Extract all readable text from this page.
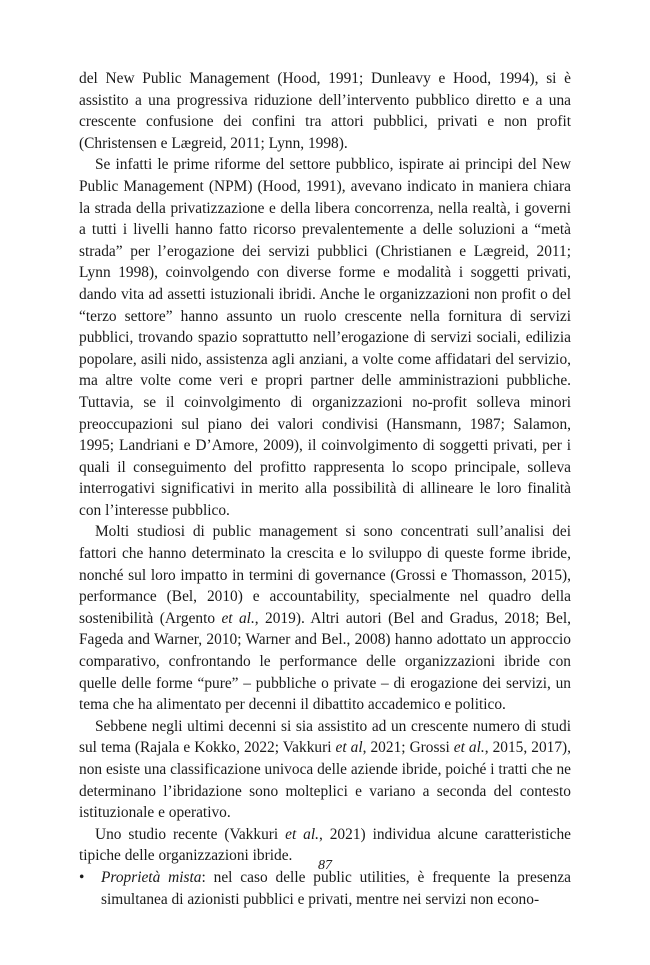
del New Public Management (Hood, 1991; Dunleavy e Hood, 1994), si è assistito a una progressiva riduzione dell’intervento pubblico diretto e a una crescente confusione dei confini tra attori pubblici, privati e non profit (Christensen e Lægreid, 2011; Lynn, 1998).

Se infatti le prime riforme del settore pubblico, ispirate ai principi del New Public Management (NPM) (Hood, 1991), avevano indicato in maniera chiara la strada della privatizzazione e della libera concorrenza, nella realtà, i governi a tutti i livelli hanno fatto ricorso prevalentemente a delle soluzioni a “metà strada” per l’erogazione dei servizi pubblici (Christianen e Lægreid, 2011; Lynn 1998), coinvolgendo con diverse forme e modalità i soggetti privati, dando vita ad assetti istuzionali ibridi. Anche le organizzazioni non profit o del “terzo settore” hanno assunto un ruolo crescente nella fornitura di servizi pubblici, trovando spazio soprattutto nell’erogazione di servizi sociali, edilizia popolare, asili nido, assistenza agli anziani, a volte come affidatari del servizio, ma altre volte come veri e propri partner delle amministrazioni pubbliche. Tuttavia, se il coinvolgimento di organizzazioni no-profit solleva minori preoccupazioni sul piano dei valori condivisi (Hansmann, 1987; Salamon, 1995; Landriani e D’Amore, 2009), il coinvolgimento di soggetti privati, per i quali il conseguimento del profitto rappresenta lo scopo principale, solleva interrogativi significativi in merito alla possibilità di allineare le loro finalità con l’interesse pubblico.

Molti studiosi di public management si sono concentrati sull’analisi dei fattori che hanno determinato la crescita e lo sviluppo di queste forme ibride, nonché sul loro impatto in termini di governance (Grossi e Thomasson, 2015), performance (Bel, 2010) e accountability, specialmente nel quadro della sostenibilità (Argento et al., 2019). Altri autori (Bel and Gradus, 2018; Bel, Fageda and Warner, 2010; Warner and Bel., 2008) hanno adottato un approccio comparativo, confrontando le performance delle organizzazioni ibride con quelle delle forme “pure” – pubbliche o private – di erogazione dei servizi, un tema che ha alimentato per decenni il dibattito accademico e politico.

Sebbene negli ultimi decenni si sia assistito ad un crescente numero di studi sul tema (Rajala e Kokko, 2022; Vakkuri et al, 2021; Grossi et al., 2015, 2017), non esiste una classificazione univoca delle aziende ibride, poiché i tratti che ne determinano l’ibridazione sono molteplici e variano a seconda del contesto istituzionale e operativo.

Uno studio recente (Vakkuri et al., 2021) individua alcune caratteristiche tipiche delle organizzazioni ibride.

• Proprietà mista: nel caso delle public utilities, è frequente la presenza simultanea di azionisti pubblici e privati, mentre nei servizi non econo-

87
